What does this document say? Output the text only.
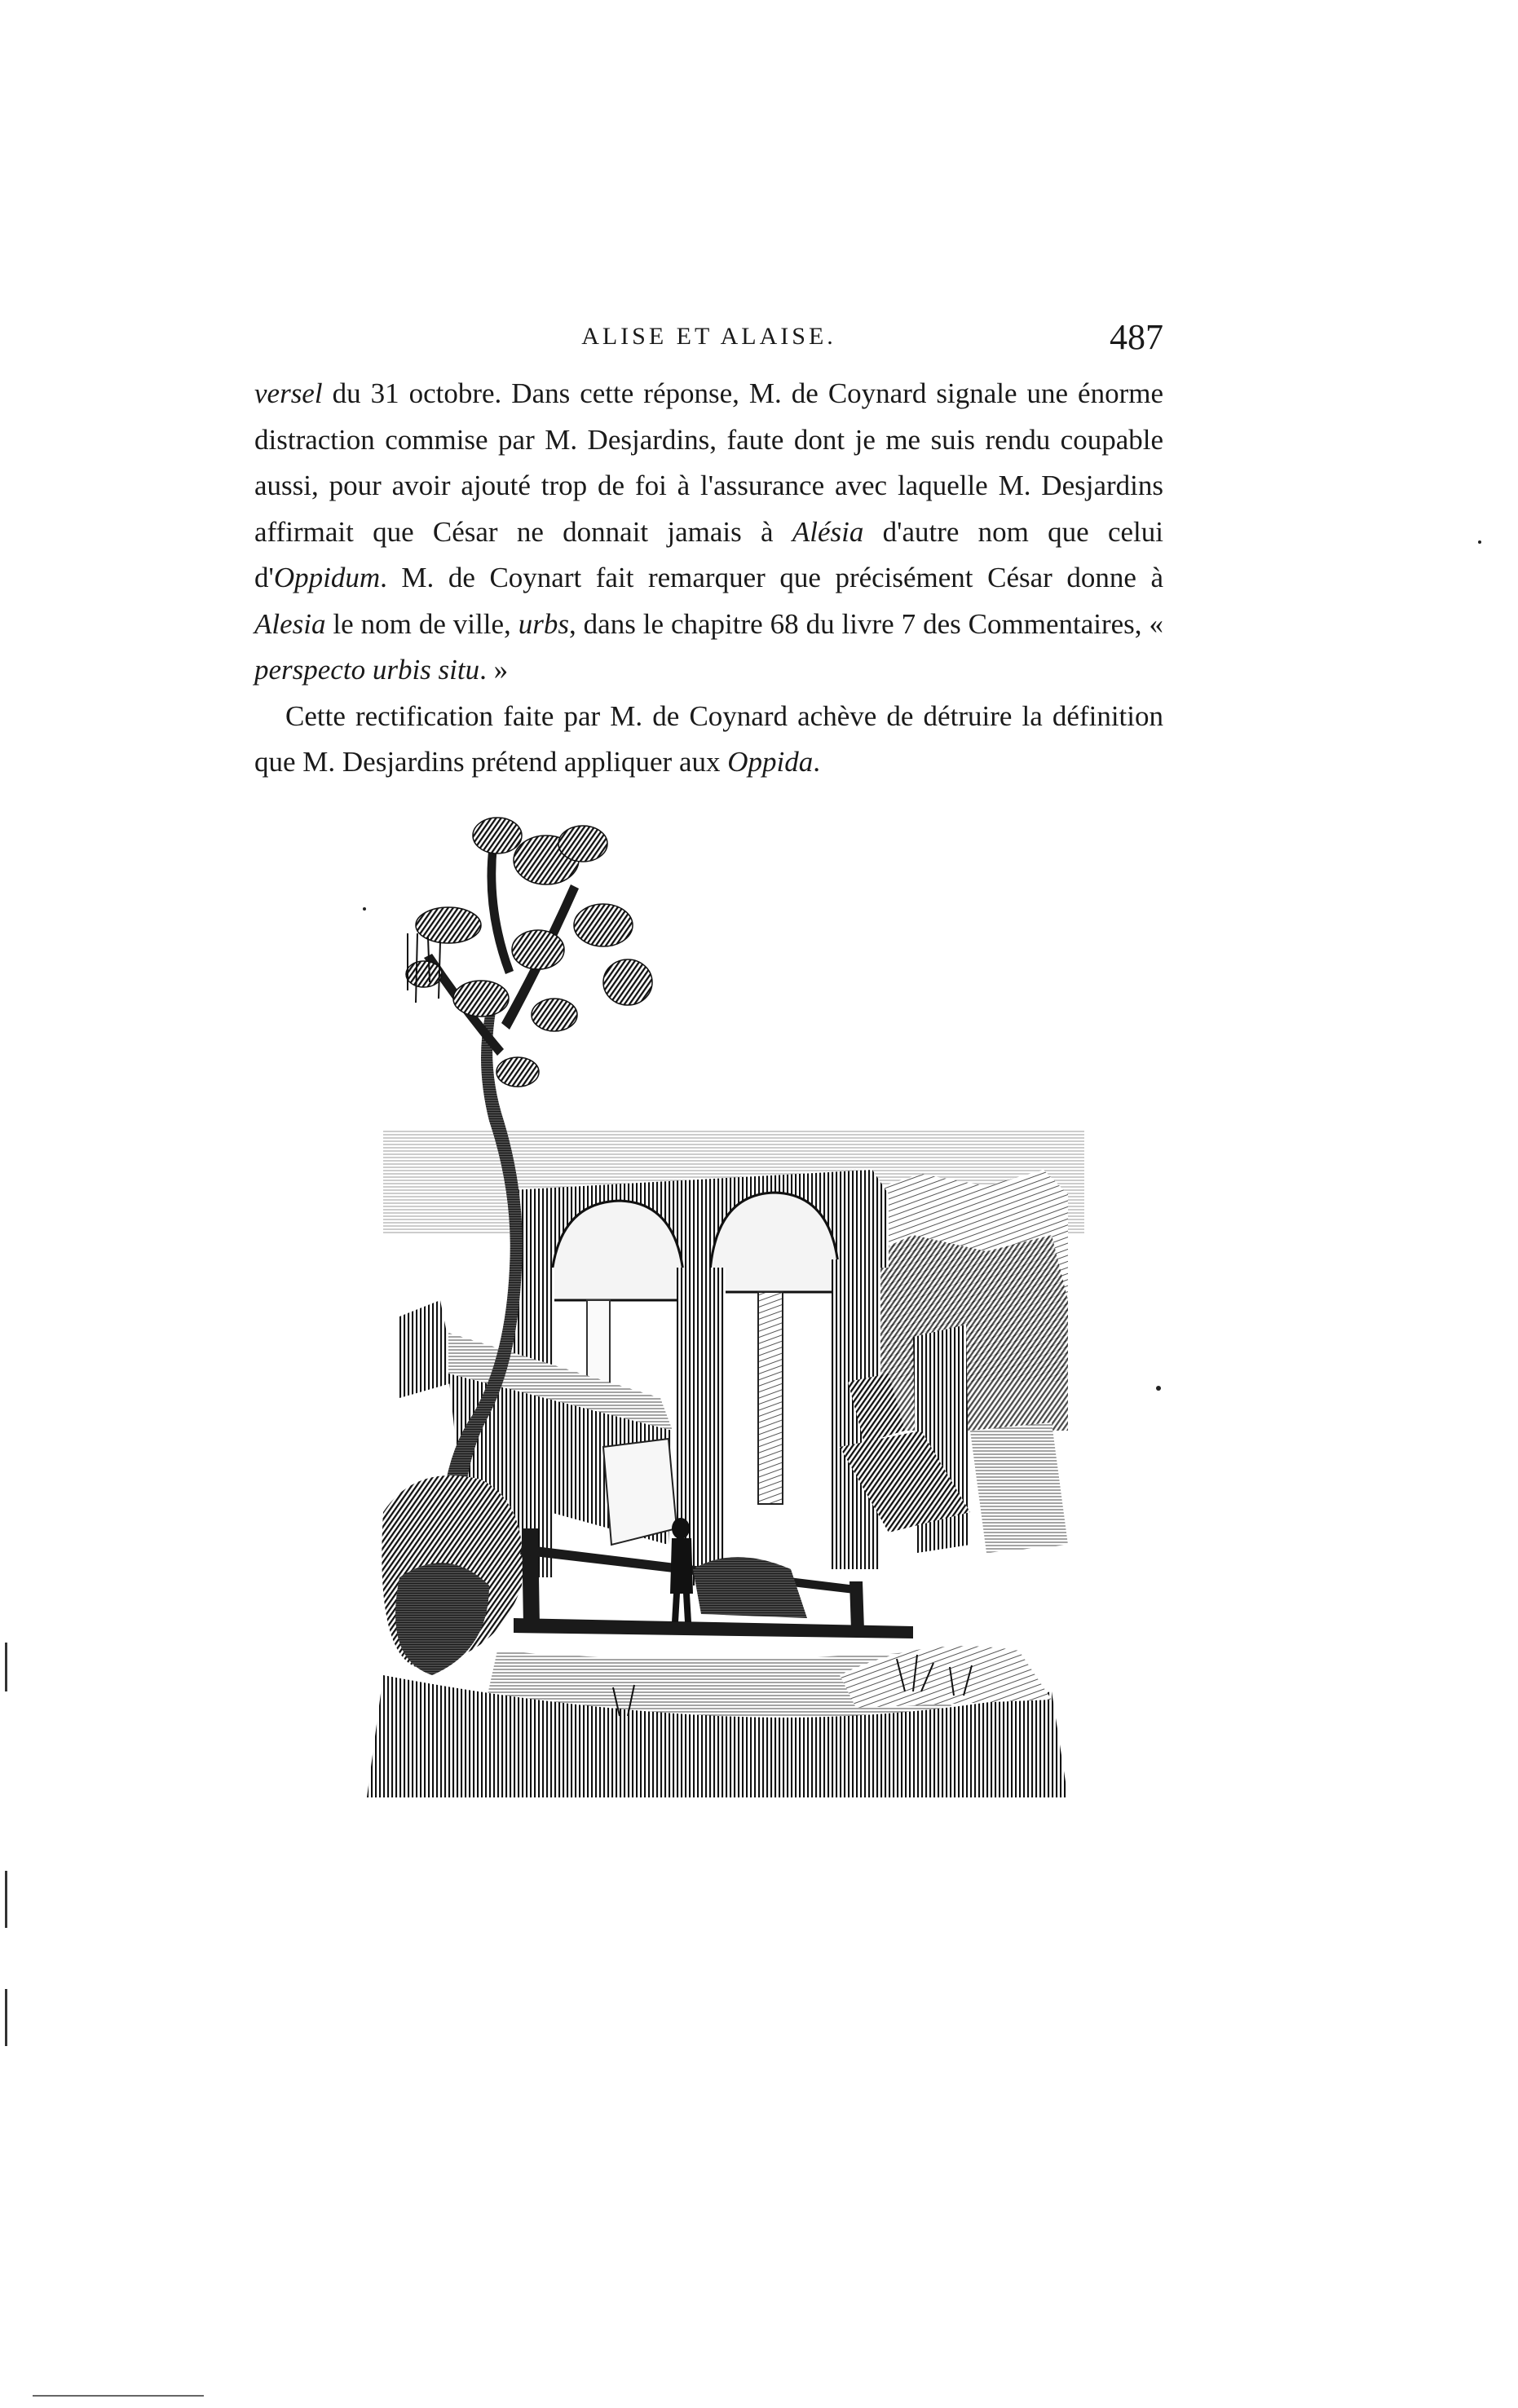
ALISE ET ALAISE.	487

versel du 31 octobre. Dans cette réponse, M. de Coynard signale une énorme distraction commise par M. Desjardins, faute dont je me suis rendu coupable aussi, pour avoir ajouté trop de foi à l'assurance avec laquelle M. Desjardins affirmait que César ne donnait jamais à Alésia d'autre nom que celui d'Oppidum. M. de Coynart fait remarquer que précisément César donne à Alesia le nom de ville, urbs, dans le chapitre 68 du livre 7 des Commentaires, « perspecto urbis situ. »

Cette rectification faite par M. de Coynard achève de détruire la définition que M. Desjardins prétend appliquer aux Oppida.
